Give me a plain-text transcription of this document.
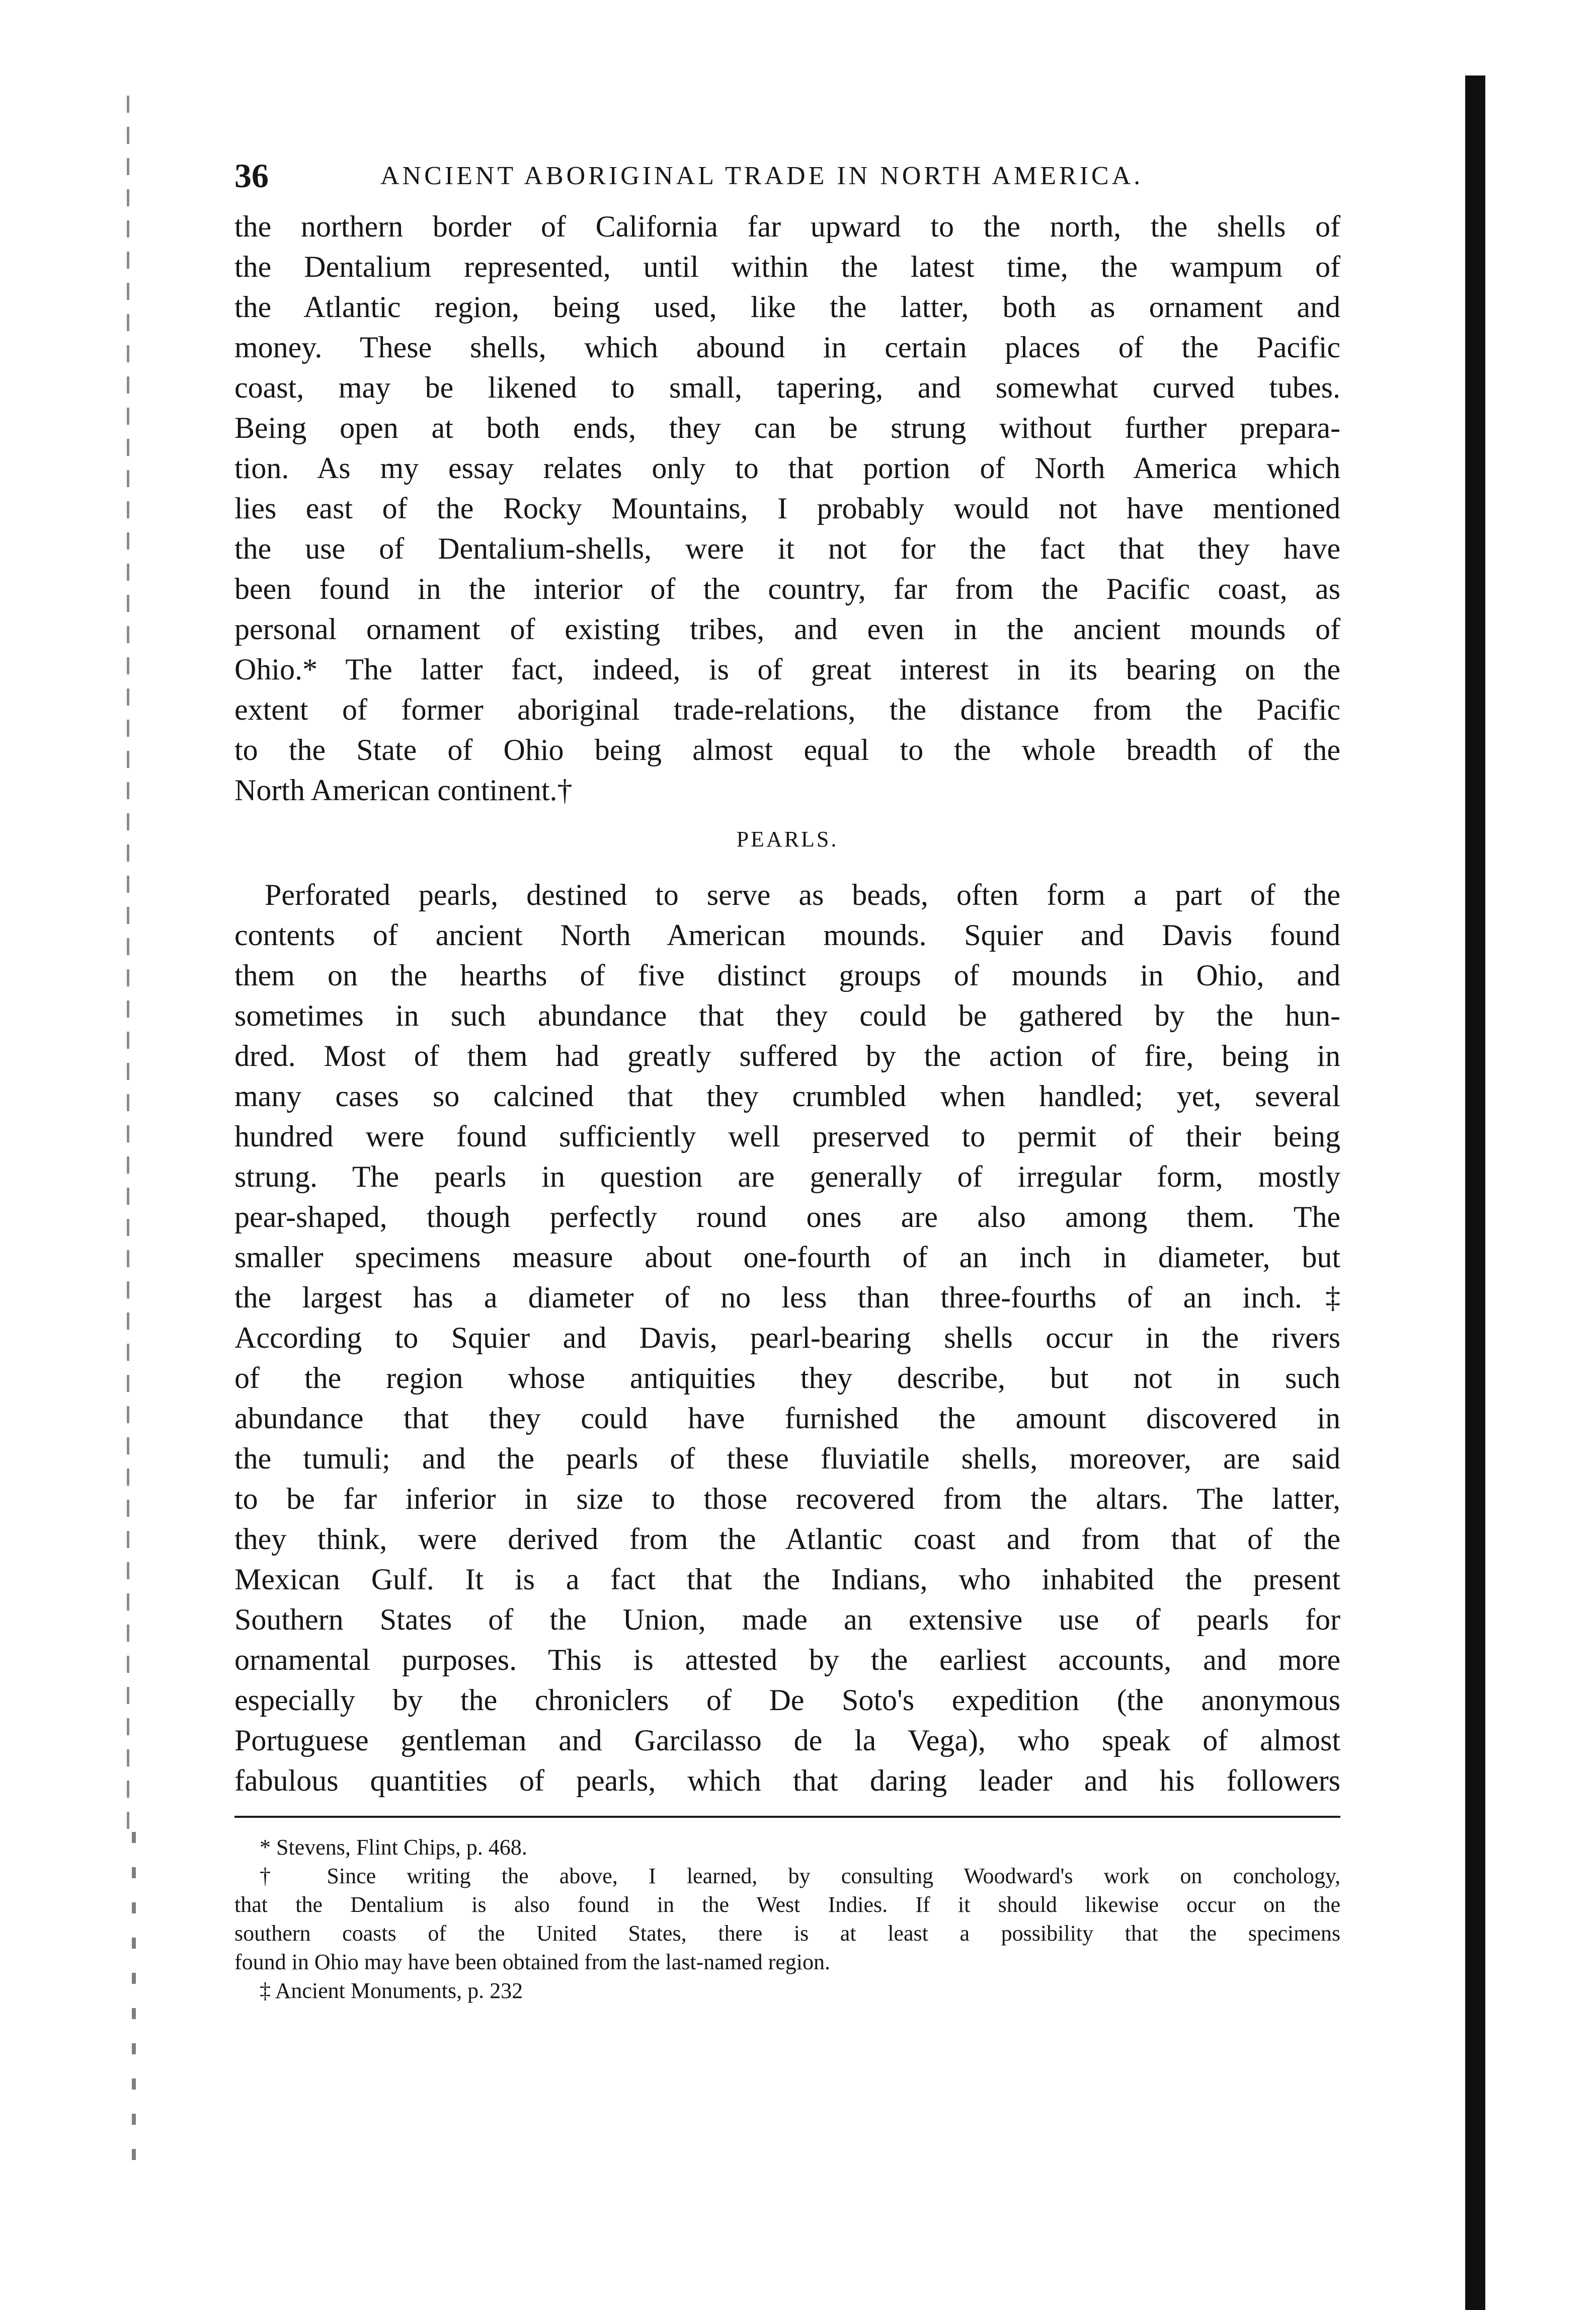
36	ANCIENT ABORIGINAL TRADE IN NORTH AMERICA.
the northern border of California far upward to the north, the shells of
the Dentalium represented, until within the latest time, the wampum of
the Atlantic region, being used, like the latter, both as ornament and
money. These shells, which abound in certain places of the Pacific
coast, may be likened to small, tapering, and somewhat curved tubes.
Being open at both ends, they can be strung without further prepara-
tion. As my essay relates only to that portion of North America which
lies east of the Rocky Mountains, I probably would not have mentioned
the use of Dentalium-shells, were it not for the fact that they have
been found in the interior of the country, far from the Pacific coast, as
personal ornament of existing tribes, and even in the ancient mounds of
Ohio.* The latter fact, indeed, is of great interest in its bearing on the
extent of former aboriginal trade-relations, the distance from the Pacific
to the State of Ohio being almost equal to the whole breadth of the
North American continent.†
PEARLS.
Perforated pearls, destined to serve as beads, often form a part of the
contents of ancient North American mounds. Squier and Davis found
them on the hearths of five distinct groups of mounds in Ohio, and
sometimes in such abundance that they could be gathered by the hun-
dred. Most of them had greatly suffered by the action of fire, being in
many cases so calcined that they crumbled when handled; yet, several
hundred were found sufficiently well preserved to permit of their being
strung. The pearls in question are generally of irregular form, mostly
pear-shaped, though perfectly round ones are also among them. The
smaller specimens measure about one-fourth of an inch in diameter, but
the largest has a diameter of no less than three-fourths of an inch.‡
According to Squier and Davis, pearl-bearing shells occur in the rivers
of the region whose antiquities they describe, but not in such
abundance that they could have furnished the amount discovered in
the tumuli; and the pearls of these fluviatile shells, moreover, are said
to be far inferior in size to those recovered from the altars. The latter,
they think, were derived from the Atlantic coast and from that of the
Mexican Gulf. It is a fact that the Indians, who inhabited the present
Southern States of the Union, made an extensive use of pearls for
ornamental purposes. This is attested by the earliest accounts, and more
especially by the chroniclers of De Soto's expedition (the anonymous
Portuguese gentleman and Garcilasso de la Vega), who speak of almost
fabulous quantities of pearls, which that daring leader and his followers
* Stevens, Flint Chips, p. 468.
† Since writing the above, I learned, by consulting Woodward's work on conchology,
that the Dentalium is also found in the West Indies. If it should likewise occur on the
southern coasts of the United States, there is at least a possibility that the specimens
found in Ohio may have been obtained from the last-named region.
‡ Ancient Monuments, p. 232
